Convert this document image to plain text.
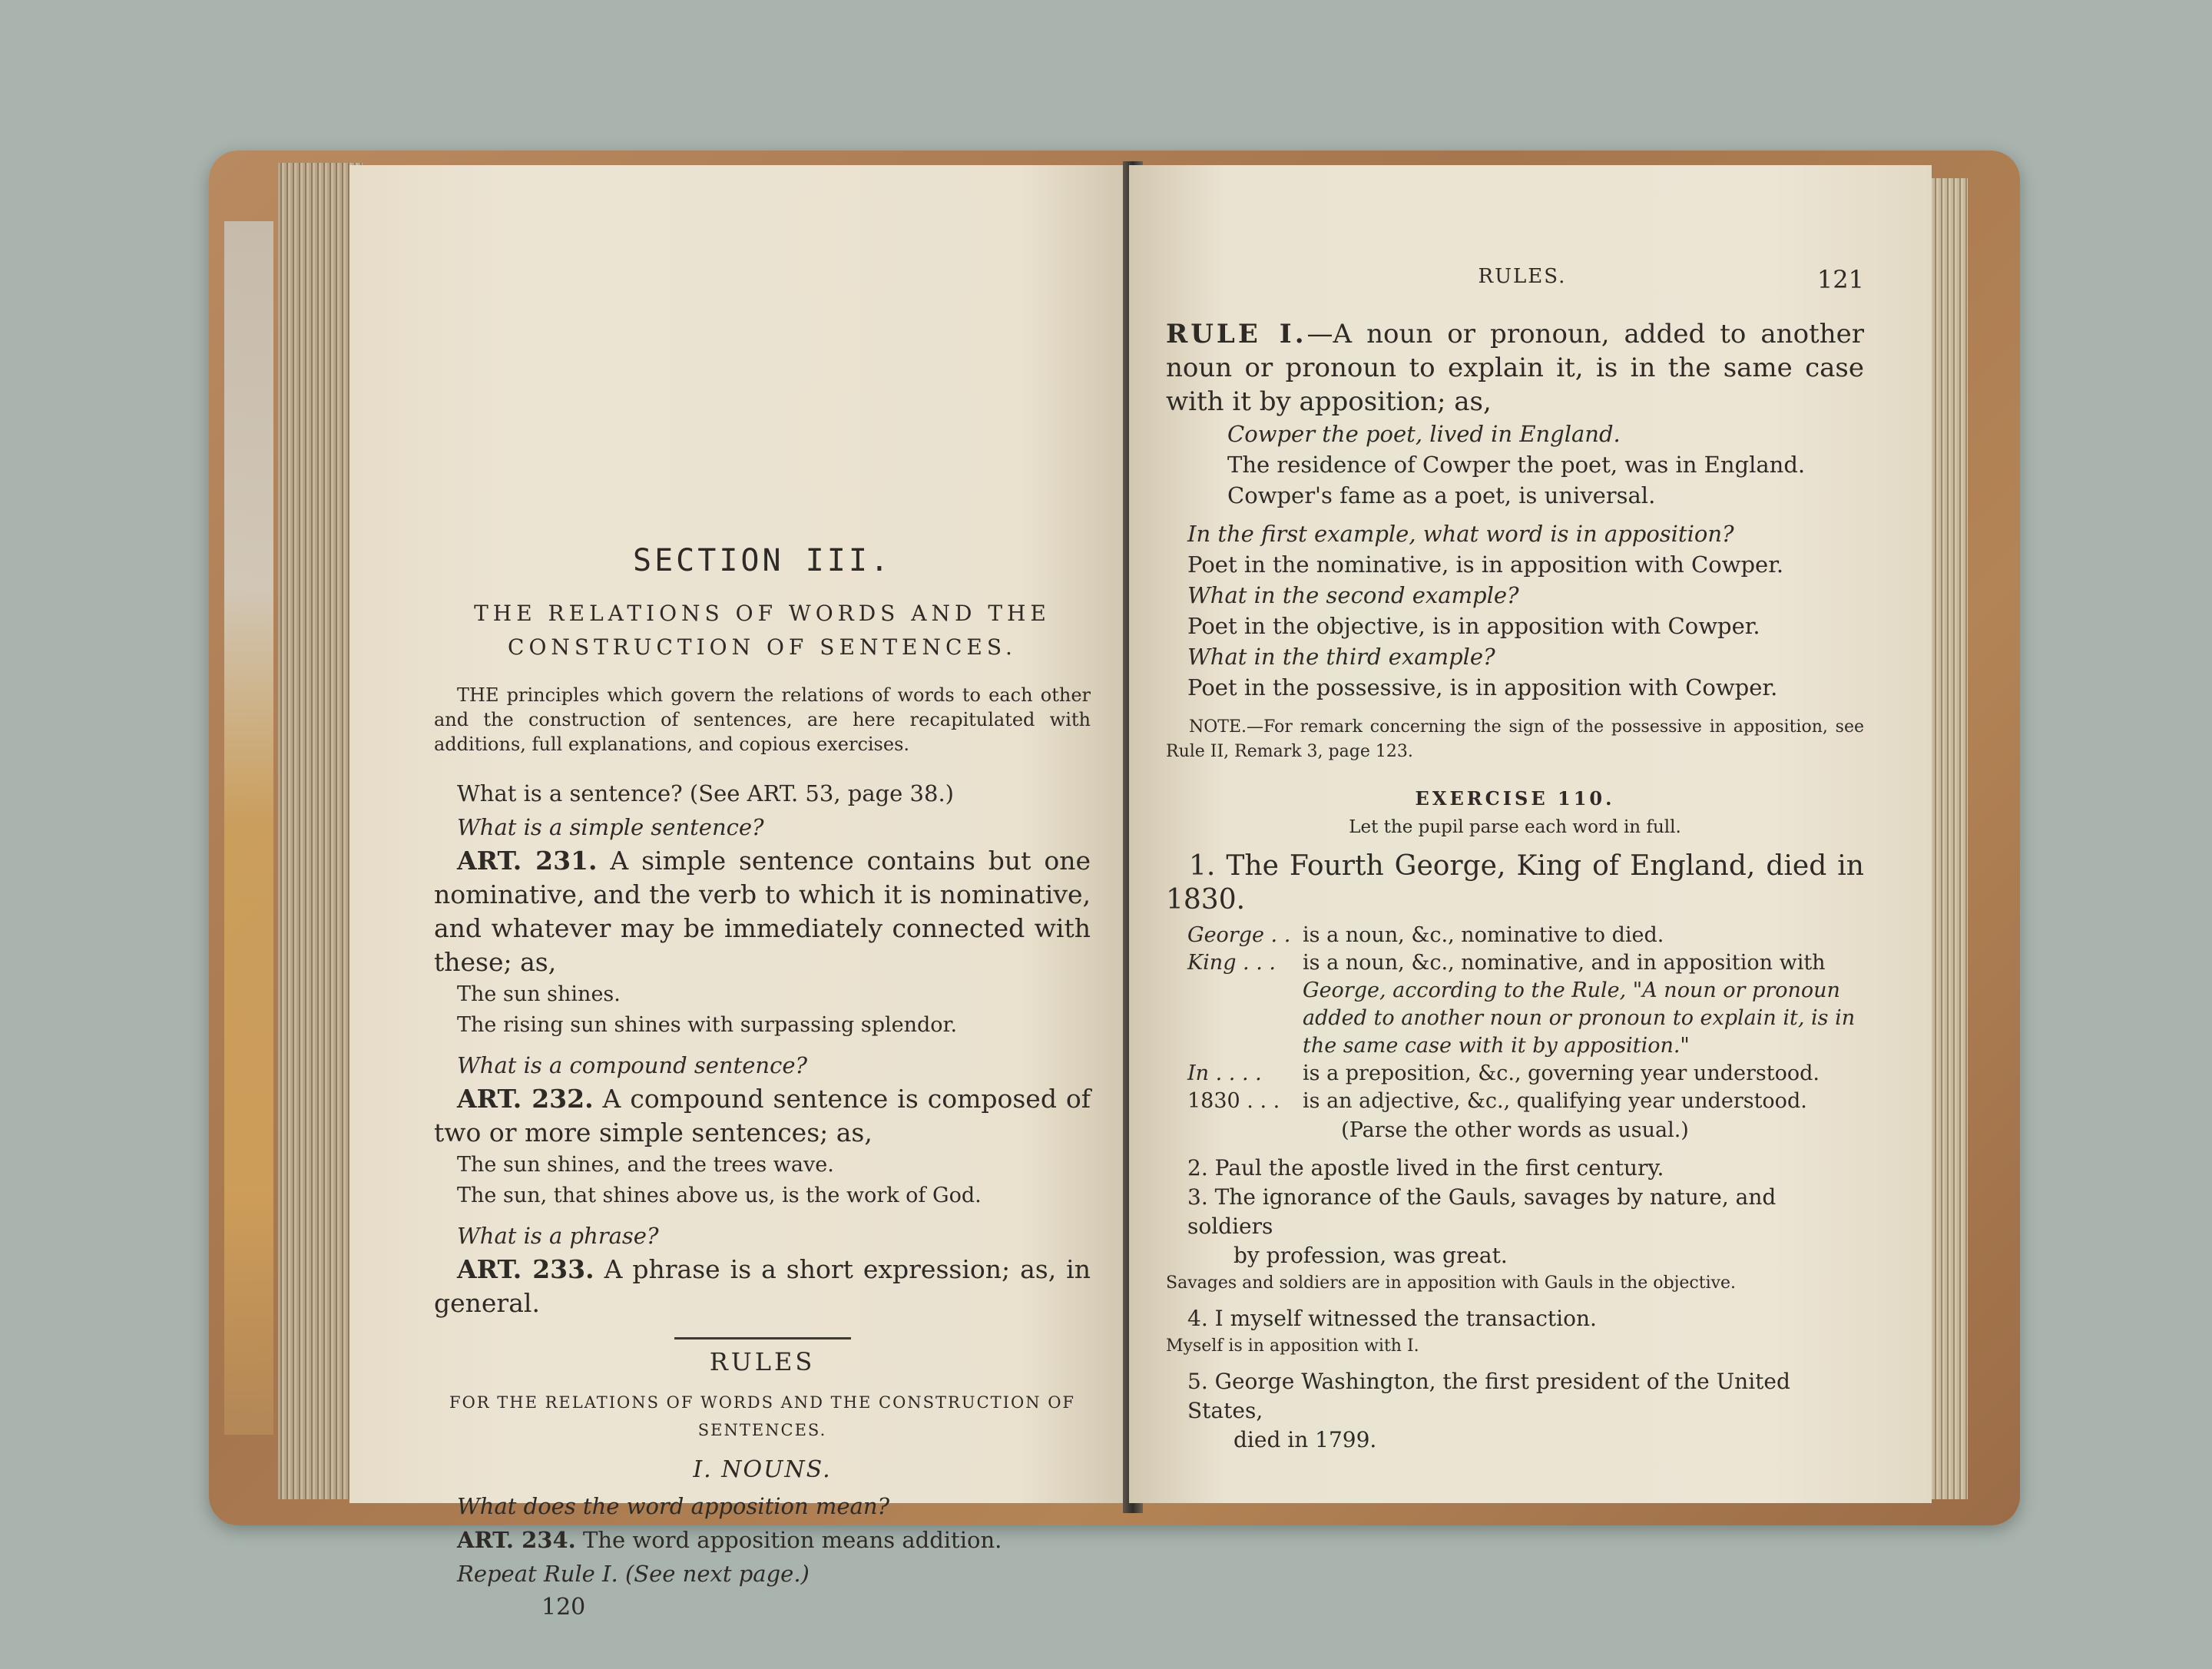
SECTION III.
THE RELATIONS OF WORDS AND THE
CONSTRUCTION OF SENTENCES.

THE principles which govern the relations of words to each other and the construction of sentences, are here recapitulated with additions, full explanations, and copious exercises.

What is a sentence? (See ART. 53, page 38.)

What is a simple sentence?

ART. 231. A simple sentence contains but one nominative, and the verb to which it is nominative, and whatever may be immediately connected with these; as,

The sun shines.

The rising sun shines with surpassing splendor.

What is a compound sentence?

ART. 232. A compound sentence is composed of two or more simple sentences; as,

The sun shines, and the trees wave.

The sun, that shines above us, is the work of God.

What is a phrase?

ART. 233. A phrase is a short expression; as, in general.

RULES
FOR THE RELATIONS OF WORDS AND THE CONSTRUCTION OF
SENTENCES.
I. NOUNS.

What does the word apposition mean?

ART. 234. The word apposition means addition.

Repeat Rule I. (See next page.)

120
RULES.	121

RULE I.—A noun or pronoun, added to another noun or pronoun to explain it, is in the same case with it by apposition; as,

Cowper the poet, lived in England.

The residence of Cowper the poet, was in England.

Cowper's fame as a poet, is universal.

In the first example, what word is in apposition?

Poet in the nominative, is in apposition with Cowper.

What in the second example?

Poet in the objective, is in apposition with Cowper.

What in the third example?

Poet in the possessive, is in apposition with Cowper.

NOTE.—For remark concerning the sign of the possessive in apposition, see Rule II, Remark 3, page 123.

EXERCISE 110.
Let the pupil parse each word in full.

1. The Fourth George, King of England, died in 1830.

George . . is a noun, &c., nominative to died.
King . . .	is a noun, &c., nominative, and in apposition with
George, according to the Rule, "A noun or pronoun added to another noun or pronoun to explain it, is in the same case with it by apposition."
In . . . .	is a preposition, &c., governing year understood.
1830 . . .	is an adjective, &c., qualifying year understood.

(Parse the other words as usual.)

2. Paul the apostle lived in the first century.
3. The ignorance of the Gauls, savages by nature, and soldiers
by profession, was great.
Savages and soldiers are in apposition with Gauls in the objective.
4. I myself witnessed the transaction.
Myself is in apposition with I.
5. George Washington, the first president of the United States,
died in 1799.
